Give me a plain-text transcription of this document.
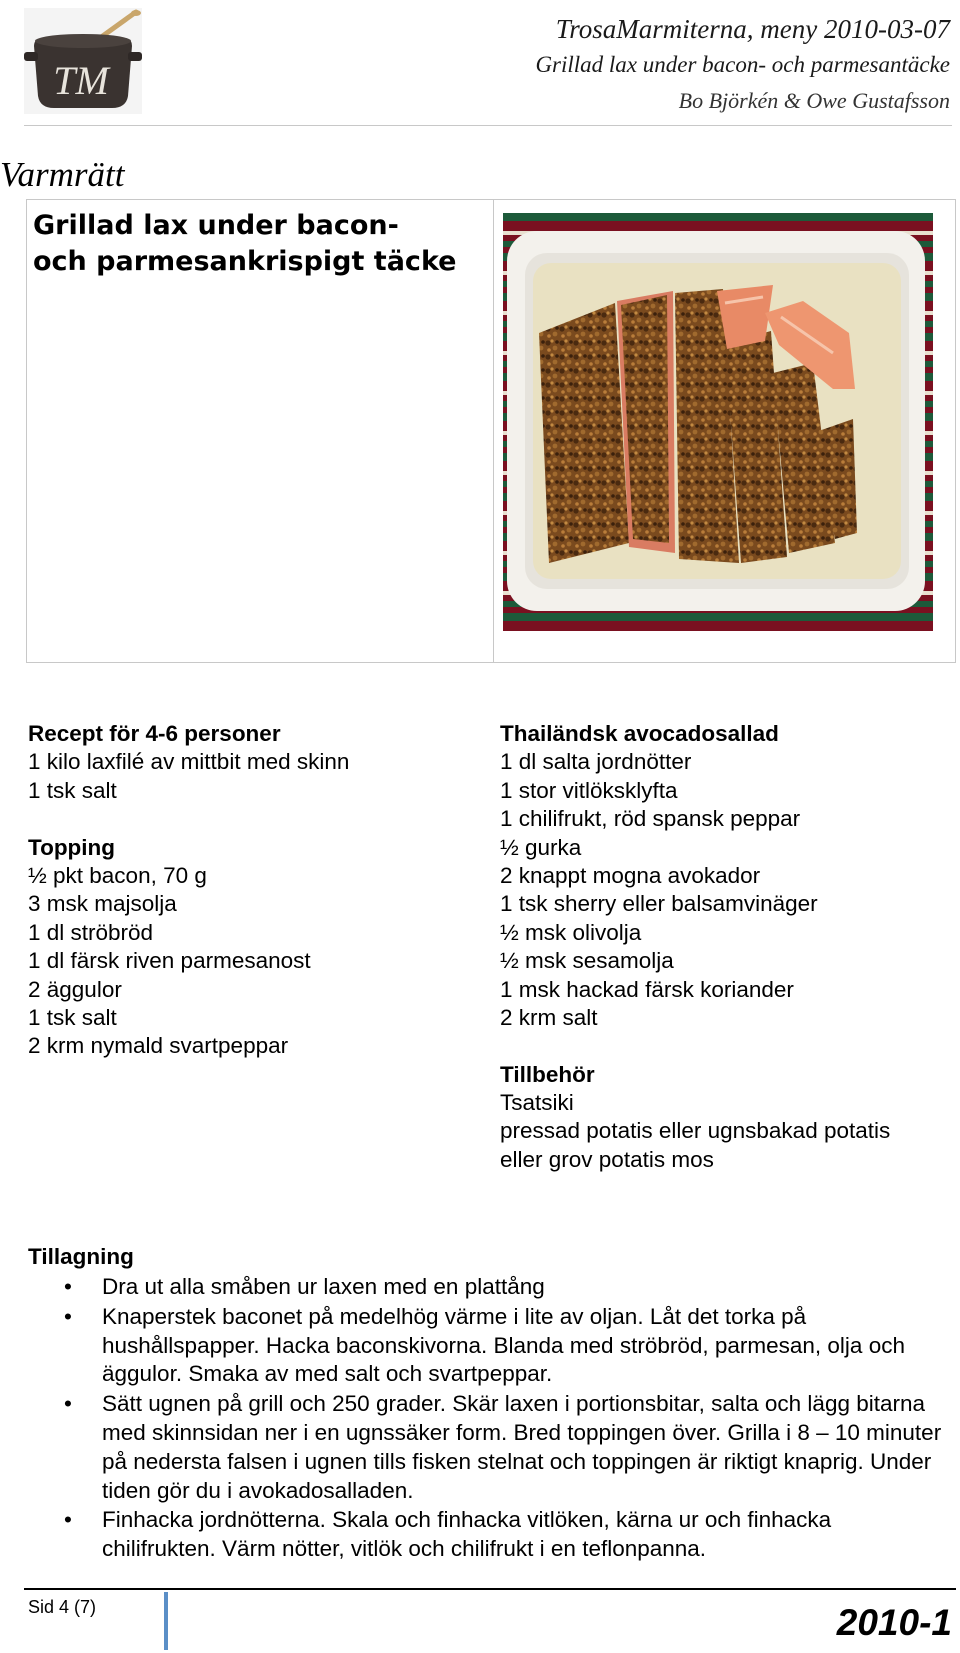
TM
TrosaMarmiterna, meny 2010-03-07
Grillad lax under bacon- och parmesantäcke
Bo Björkén & Owe Gustafsson
Varmrätt
Grillad lax under bacon-
och parmesankrispigt täcke
Recept för 4-6 personer
1 kilo laxfilé av mittbit med skinn
1 tsk salt
Topping
½ pkt bacon, 70 g
3 msk majsolja
1 dl ströbröd
1 dl färsk riven parmesanost
2 äggulor
1 tsk salt
2 krm nymald svartpeppar
Thailändsk avocadosallad
1 dl salta jordnötter
1 stor vitlöksklyfta
1 chilifrukt, röd spansk peppar
½ gurka
2 knappt mogna avokador
1 tsk sherry eller balsamvinäger
½ msk olivolja
½ msk sesamolja
1 msk hackad färsk koriander
2 krm salt
Tillbehör
Tsatsiki
pressad potatis eller ugnsbakad potatis
eller grov potatis mos
Tillagning
• Dra ut alla småben ur laxen med en plattång
• Knaperstek baconet på medelhög värme i lite av oljan. Låt det torka på hushållspapper. Hacka baconskivorna. Blanda med ströbröd, parmesan, olja och äggulor. Smaka av med salt och svartpeppar.
• Sätt ugnen på grill och 250 grader. Skär laxen i portionsbitar, salta och lägg bitarna med skinnsidan ner i en ugnssäker form. Bred toppingen över. Grilla i 8 – 10 minuter på nedersta falsen i ugnen tills fisken stelnat och toppingen är riktigt knaprig. Under tiden gör du i avokadosalladen.
• Finhacka jordnötterna. Skala och finhacka vitlöken, kärna ur och finhacka chilifrukten. Värm nötter, vitlök och chilifrukt i en teflonpanna.
Sid 4 (7)	2010-1
